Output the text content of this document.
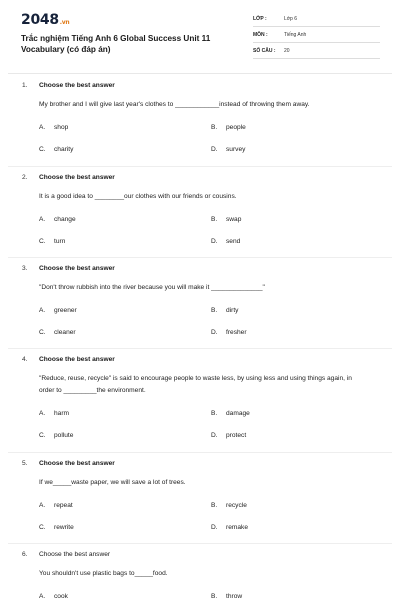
2048.vn
Trắc nghiệm Tiếng Anh 6 Global Success Unit 11 Vocabulary (có đáp án)
LỚP :	Lớp 6
MÔN :	Tiếng Anh
SỐ CÂU : 20
1. Choose the best answer
My brother and I will give last year's clothes to ____________instead of throwing them away.
A. shop	B. people
C. charity	D. survey
2. Choose the best answer
It is a good idea to ________our clothes with our friends or cousins.
A. change	B. swap
C. turn	D. send
3. Choose the best answer
"Don't throw rubbish into the river because you will make it ______________"
A. greener	B. dirty
C. cleaner	D. fresher
4. Choose the best answer
"Reduce, reuse, recycle" is said to encourage people to waste less, by using less and using things again, in order to _________the environment.
A. harm	B. damage
C. pollute	D. protect
5. Choose the best answer
If we_____waste paper, we will save a lot of trees.
A. repeat	B. recycle
C. rewrite	D. remake
6. Choose the best answer
You shouldn't use plastic bags to_____food.
A. cook	B. throw
